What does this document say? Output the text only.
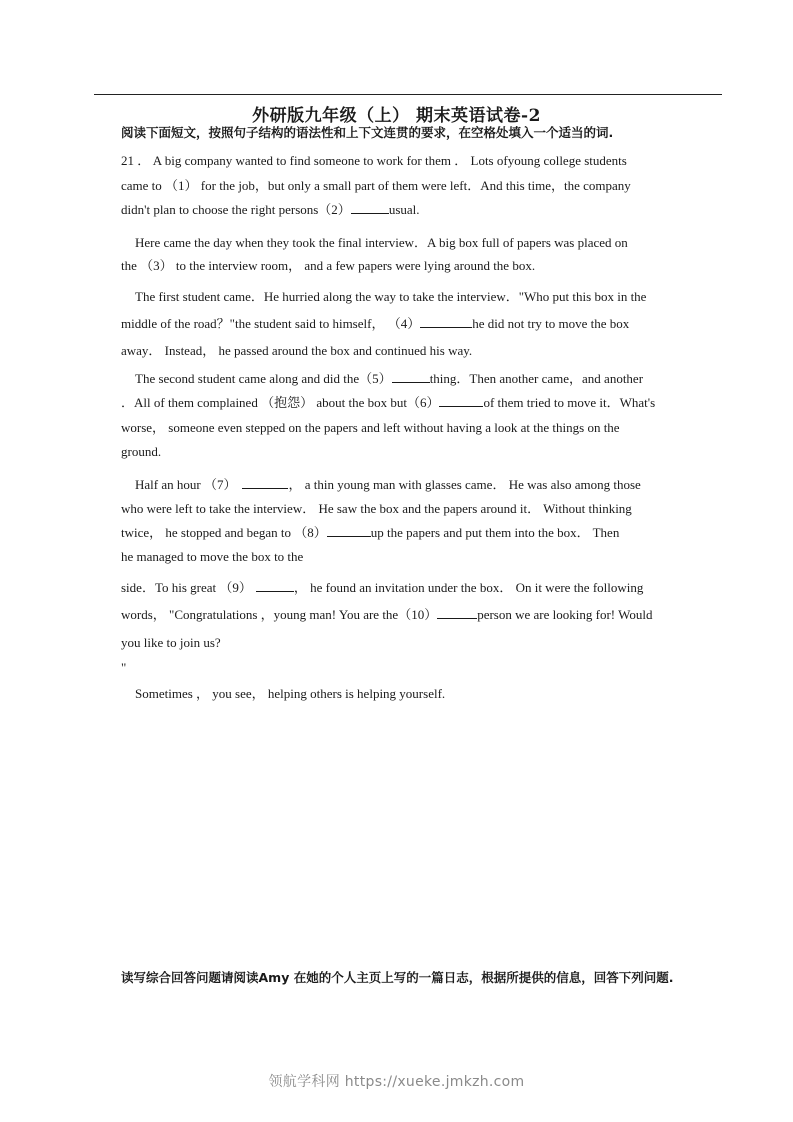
外研版九年级（上） 期末英语试卷-2
阅读下面短文，按照句子结构的语法性和上下文连贯的要求，在空格处填入一个适当的词.
21 ． A big company wanted to find someone to work for them ． Lots ofyoung college students
came to （1） for the job，but only a small part of them were left．And this time，the company
didn't plan to choose the right persons（2）	usual.
Here came the day when they took the final interview．A big box full of papers was placed on
the （3） to the interview room， and a few papers were lying around the box.
The first student came．He hurried along the way to take the interview．"Who put this box in the
middle of the road？"the student said to himself， （4）	he did not try to move the box
away． Instead， he passed around the box and continued his way.
The second student came along and did the（5）	thing．Then another came，and another
．All of them complained （抱怨） about the box but（6）	of them tried to move it．What's
worse， someone even stepped on the papers and left without having a look at the things on the
ground.
Half an hour （7）	， a thin young man with glasses came． He was also among those
who were left to take the interview． He saw the box and the papers around it． Without thinking
twice， he stopped and began to （8）	up the papers and put them into the box． Then
he managed to move the box to the
side．To his great （9）	， he found an invitation under the box． On it were the following
words， "Congratulations ，young man! You are the（10）	person we are looking for! Would
you like to join us?
"
Sometimes ， you see， helping others is helping yourself.
读写综合回答问题请阅读Amy 在她的个人主页上写的一篇日志，根据所提供的信息，回答下列问题.
领航学科网 https://xueke.jmkzh.com
